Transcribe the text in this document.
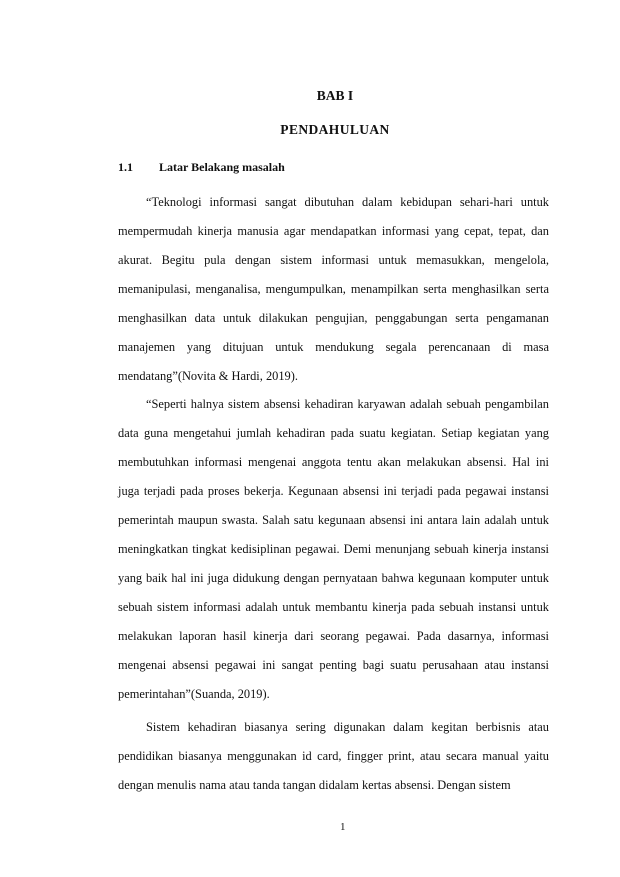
BAB I
PENDAHULUAN
1.1 Latar Belakang masalah

“Teknologi informasi sangat dibutuhan dalam kebidupan sehari-hari untuk mempermudah kinerja manusia agar mendapatkan informasi yang cepat, tepat, dan akurat. Begitu pula dengan sistem informasi untuk memasukkan, mengelola, memanipulasi, menganalisa, mengumpulkan, menampilkan serta menghasilkan serta menghasilkan data untuk dilakukan pengujian, penggabungan serta pengamanan manajemen yang ditujuan untuk mendukung segala perencanaan di masa mendatang”(Novita & Hardi, 2019).

“Seperti halnya sistem absensi kehadiran karyawan adalah sebuah pengambilan data guna mengetahui jumlah kehadiran pada suatu kegiatan. Setiap kegiatan yang membutuhkan informasi mengenai anggota tentu akan melakukan absensi. Hal ini juga terjadi pada proses bekerja. Kegunaan absensi ini terjadi pada pegawai instansi pemerintah maupun swasta. Salah satu kegunaan absensi ini antara lain adalah untuk meningkatkan tingkat kedisiplinan pegawai. Demi menunjang sebuah kinerja instansi yang baik hal ini juga didukung dengan pernyataan bahwa kegunaan komputer untuk sebuah sistem informasi adalah untuk membantu kinerja pada sebuah instansi untuk melakukan laporan hasil kinerja dari seorang pegawai. Pada dasarnya, informasi mengenai absensi pegawai ini sangat penting bagi suatu perusahaan atau instansi pemerintahan”(Suanda, 2019).

Sistem kehadiran biasanya sering digunakan dalam kegitan berbisnis atau pendidikan biasanya menggunakan id card, fingger print, atau secara manual yaitu dengan menulis nama atau tanda tangan didalam kertas absensi. Dengan sistem

1
